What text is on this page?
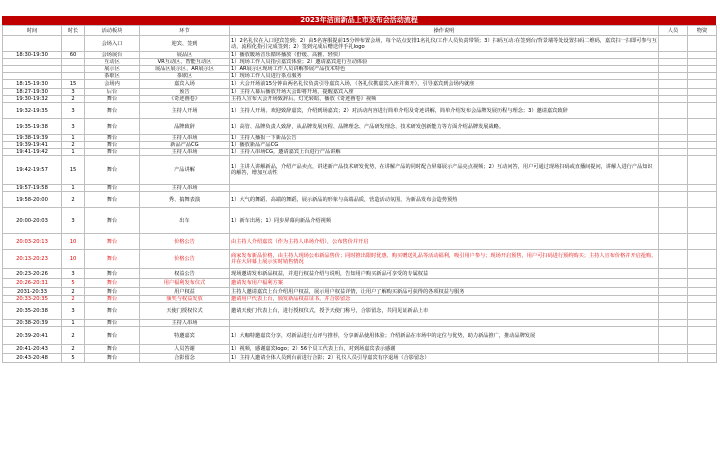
2023年洁面新品上市发布会活动流程
时间	时长	活动板块	环节	操作说明	人员	物资
		会场入口	迎宾、签到	1）2名礼仪在入口迎宾签到；2）由5名客服提前15分钟布置会场，每个站点安排1名礼仪/工作人员负责带领；3）扫码互动:在签到台/背景墙等处设置扫码二维码，嘉宾扫一扫即可参与互动，流程化指引完成签到；2）签到完成后赠送伴手礼logo		
18:30-19:30	60	会场展台	展品区	1）播放暖场音乐循环播放（舒缓、高雅、轻快）		
		互动区	VR互动区、智能互动区	1）现场工作人员指引嘉宾体验；2）邀请嘉宾进行互动体验		
		展示区	展品区展示区、AR展示区	1）AR展示区现场工作人员讲解参展产品技术特色		
		茶歇区	茶歇区	1）现场工作人员进行茶点服务		
18:15-19:30	15	会场内	嘉宾入场	1）大会开场前15分钟由两名礼仪负责引导嘉宾入场，（各礼仪携嘉宾入座并离开），引导嘉宾到会场内就座		
18:27-19:30	3	后台	预告	1）主持人幕后播放开场大会即将开场，提醒嘉宾入座		
19:30-19:32	2	舞台	《奇迹画卷》	主持人宣布大会开场致辞后，灯光转暗，播放《奇迹画卷》视频		
19:32-19:35	3	舞台	主持人开场	1）主持人开场、欢迎致辞嘉宾，介绍到场嘉宾；2）对活动内容进行简单介绍及奇迹讲解，简单介绍发布会品牌发展历程与理念；3）邀请嘉宾致辞		
19:35-19:38	3	舞台	品牌致辞	1）高管、品牌负责人致辞，从品牌发展历程、品牌理念、产品研发理念、技术研发创新能力等方面介绍品牌发展战略。		
19:38-19:39	1	舞台	主持人串场	1）主持人播报一下新品公告		
19:39-19:41	2	舞台	新品产品CG	1）播放新品产品CG		
19:41-19:42	1	舞台	主持人串场	1）主持人串场CG，邀请嘉宾上台进行产品讲解		
19:42-19:57	15	舞台	产品讲解	1）主讲人讲解新品，介绍产品卖点，讲述新产品技术研发优势，在讲解产品的同时配合屏幕展示产品亮点视频；2）互动问答，用户可通过现场扫码或直播间提问，讲解人进行产品知识的解答，增加互动性		
19:57-19:58	1	舞台	主持人串场			
19:58-20:00	2	舞台	秀、搞舞表演	1）大气的舞蹈、高端的舞蹈，展示新品的形象与高端品质，营造活动氛围，为新品发布会造势预热		
20:00-20:03	3	舞台	出车	1）新车出场；1）同步屏幕向新品介绍视频		
20:03-20:13	10	舞台	价格公告	由主持人介绍嘉宾（作为主持人串场介绍），公布售价并开启		
20:13-20:23	10	舞台	价格公告	商家发布新品价格，由主持人现场公布新品售价；同时推出限时优惠、购买赠送礼品等活动福利，吸引用户参与；现场开启预售，用户可扫码进行预约购买；主持人宣布价格并开启抢购，并在大屏幕上展示实时销售情况		
20:23-20:26	3	舞台	权益公告	现场邀请发布新品权益，并进行权益介绍与说明，告知用户购买新品可享受的专属权益		
20:26-20:31	5	舞台	用户福利发布仪式	邀请发布用户福利方案		
2031-20:33	2	舞台	用户权益	主持人邀请嘉宾上台介绍用户权益，展示用户权益详情，让用户了解购买新品可获得的各项权益与服务		
20:33-20:35	2	舞台	颁奖与权益发放	邀请用户代表上台，颁发新品权益证书，并合影留念		
20:35-20:38	3	舞台	天使门授权仪式	邀请天使门代表上台，进行授权仪式，授予天使门称号，合影留念，共同见证新品上市		
20:38-20:39	1	舞台	主持人串场			
20:39-20:41	2	舞台	特邀嘉宾	1）大咖特邀嘉宾分享，对新品进行点评与推荐，分享新品使用体验；介绍新品在市场中的定位与优势，助力新品推广，推动品牌发展		
20:41-20:43	2	舞台	人员答谢	1）视频，感谢嘉宾logo；2）56个员工代表上台，对到场嘉宾表示感谢		
20:43-20:48	5	舞台	合影留念	1）主持人邀请全体人员到台前进行合影；2）礼仪人员引导嘉宾有序退场（合影留念）		
